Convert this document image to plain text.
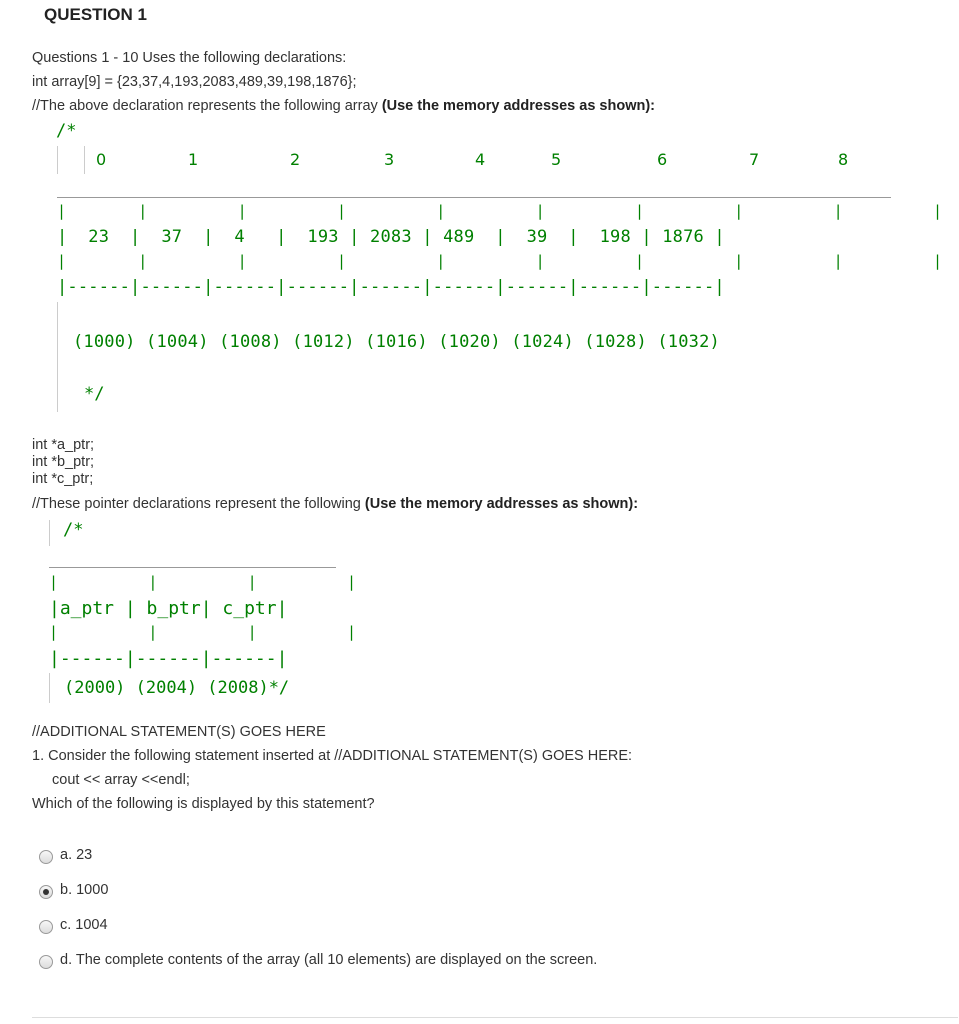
QUESTION 1
Questions 1 - 10 Uses the following declarations:
int array[9] = {23,37,4,193,2083,489,39,198,1876};
//The above declaration represents the following array (Use the memory addresses as shown):
/*
0	1	2	3	4	5	6	7	8
|        |          |          |          |          |          |          |          |          |
|  23  |  37  |  4   |  193 | 2083 | 489  |  39  |  198 | 1876 |
|        |          |          |          |          |          |          |          |          |
|------|------|------|------|------|------|------|------|------|
(1000) (1004) (1008) (1012) (1016) (1020) (1024) (1028) (1032)
*/
int *a_ptr;
int *b_ptr;
int *c_ptr;
//These pointer declarations represent the following (Use the memory addresses as shown):
/*
|          |          |          |
|a_ptr | b_ptr| c_ptr|
|          |          |          |
|------|------|------|
(2000) (2004) (2008)*/
//ADDITIONAL STATEMENT(S) GOES HERE
1. Consider the following statement inserted at //ADDITIONAL STATEMENT(S) GOES HERE:
cout << array <<endl;
Which of the following is displayed by this statement?
a. 23
b. 1000
c. 1004
d. The complete contents of the array (all 10 elements) are displayed on the screen.
